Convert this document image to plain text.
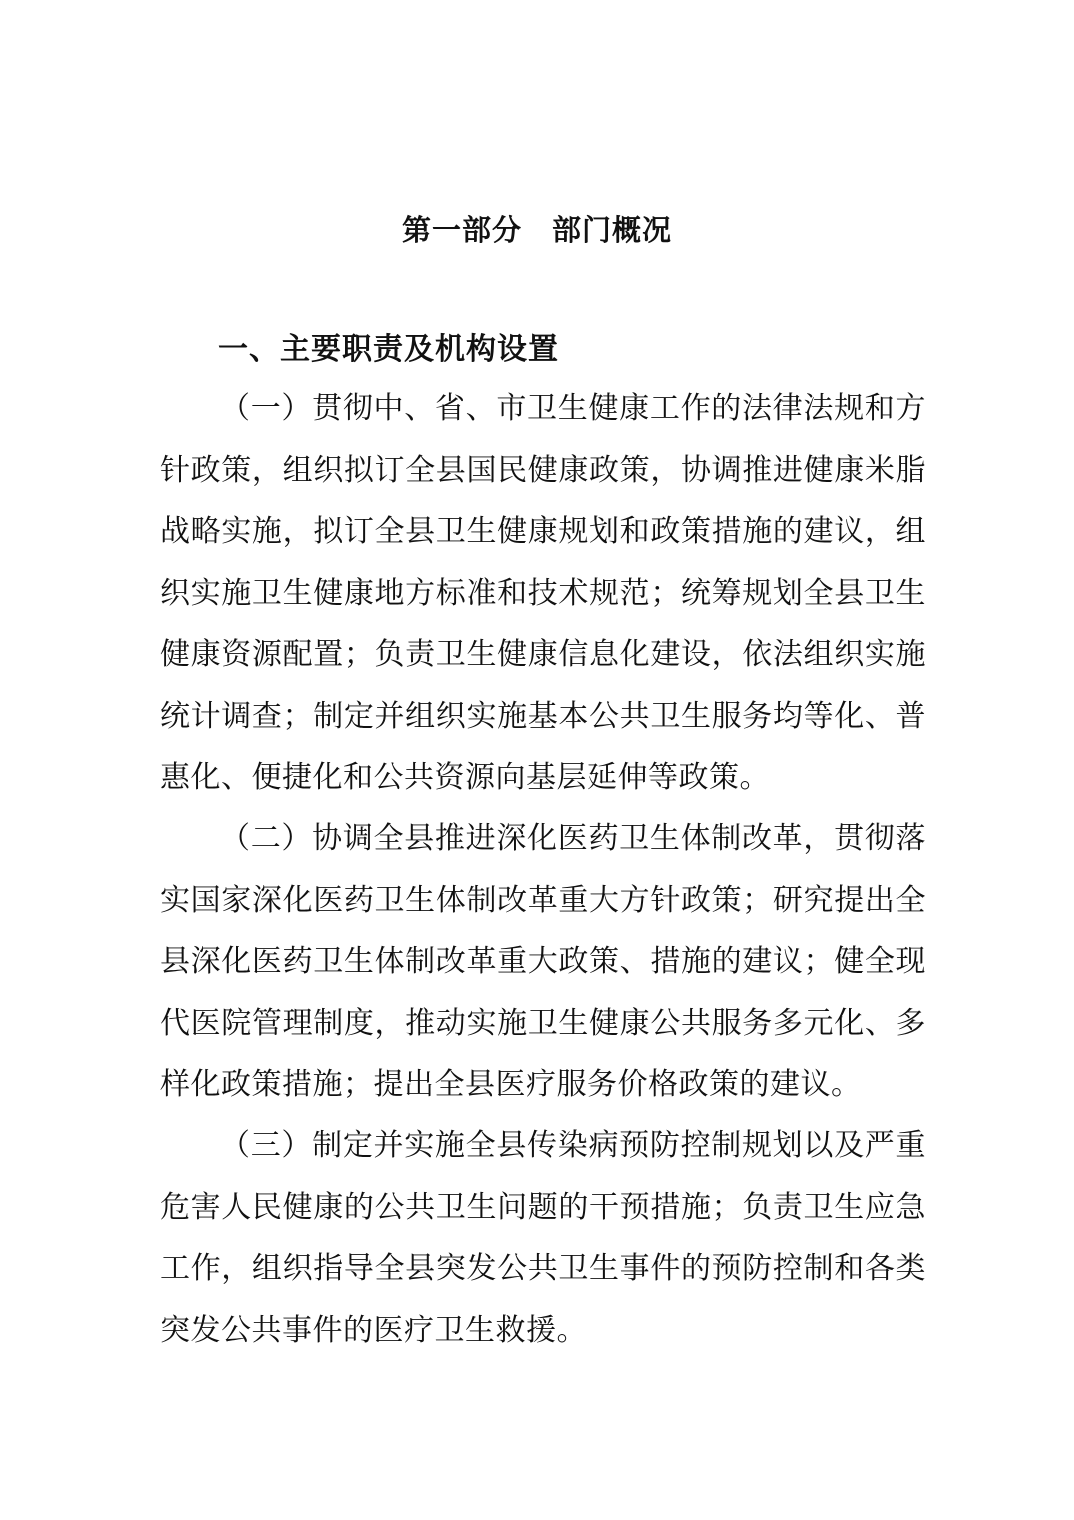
第一部分 部门概况
一、主要职责及机构设置

（一）贯彻中、省、市卫生健康工作的法律法规和方针政策，组织拟订全县国民健康政策，协调推进健康米脂战略实施，拟订全县卫生健康规划和政策措施的建议，组织实施卫生健康地方标准和技术规范；统筹规划全县卫生健康资源配置；负责卫生健康信息化建设，依法组织实施统计调查；制定并组织实施基本公共卫生服务均等化、普惠化、便捷化和公共资源向基层延伸等政策。

（二）协调全县推进深化医药卫生体制改革，贯彻落实国家深化医药卫生体制改革重大方针政策；研究提出全县深化医药卫生体制改革重大政策、措施的建议；健全现代医院管理制度，推动实施卫生健康公共服务多元化、多样化政策措施；提出全县医疗服务价格政策的建议。

（三）制定并实施全县传染病预防控制规划以及严重危害人民健康的公共卫生问题的干预措施；负责卫生应急工作，组织指导全县突发公共卫生事件的预防控制和各类突发公共事件的医疗卫生救援。
